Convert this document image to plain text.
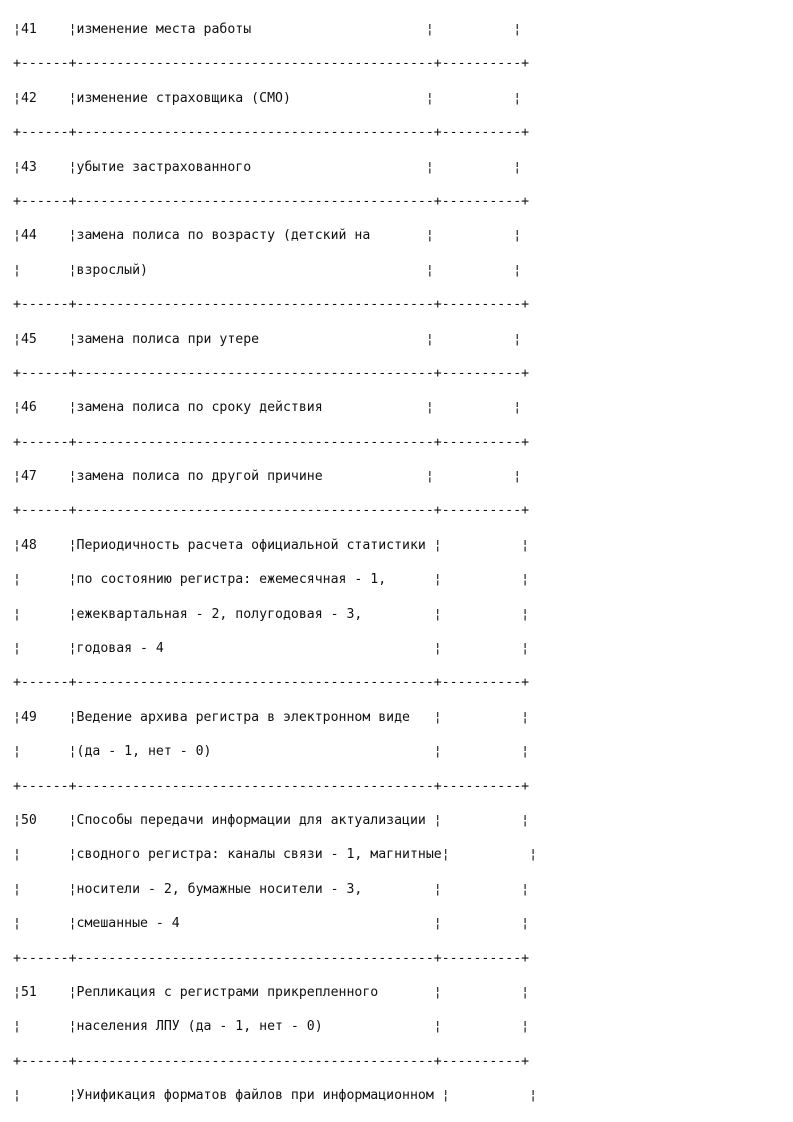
¦41    ¦изменение места работы                      ¦          ¦
+------+---------------------------------------------+----------+
¦42    ¦изменение страховщика (СМО)                 ¦          ¦
+------+---------------------------------------------+----------+
¦43    ¦убытие застрахованного                      ¦          ¦
+------+---------------------------------------------+----------+
¦44    ¦замена полиса по возрасту (детский на       ¦          ¦
¦      ¦взрослый)                                   ¦          ¦
+------+---------------------------------------------+----------+
¦45    ¦замена полиса при утере                     ¦          ¦
+------+---------------------------------------------+----------+
¦46    ¦замена полиса по сроку действия             ¦          ¦
+------+---------------------------------------------+----------+
¦47    ¦замена полиса по другой причине             ¦          ¦
+------+---------------------------------------------+----------+
¦48    ¦Периодичность расчета официальной статистики ¦          ¦
¦      ¦по состоянию регистра: ежемесячная - 1,      ¦          ¦
¦      ¦ежеквартальная - 2, полугодовая - 3,         ¦          ¦
¦      ¦годовая - 4                                  ¦          ¦
+------+---------------------------------------------+----------+
¦49    ¦Ведение архива регистра в электронном виде   ¦          ¦
¦      ¦(да - 1, нет - 0)                            ¦          ¦
+------+---------------------------------------------+----------+
¦50    ¦Способы передачи информации для актуализации ¦          ¦
¦      ¦сводного регистра: каналы связи - 1, магнитные¦          ¦
¦      ¦носители - 2, бумажные носители - 3,         ¦          ¦
¦      ¦смешанные - 4                                ¦          ¦
+------+---------------------------------------------+----------+
¦51    ¦Репликация с регистрами прикрепленного       ¦          ¦
¦      ¦населения ЛПУ (да - 1, нет - 0)              ¦          ¦
+------+---------------------------------------------+----------+
¦      ¦Унификация форматов файлов при информационном ¦          ¦
